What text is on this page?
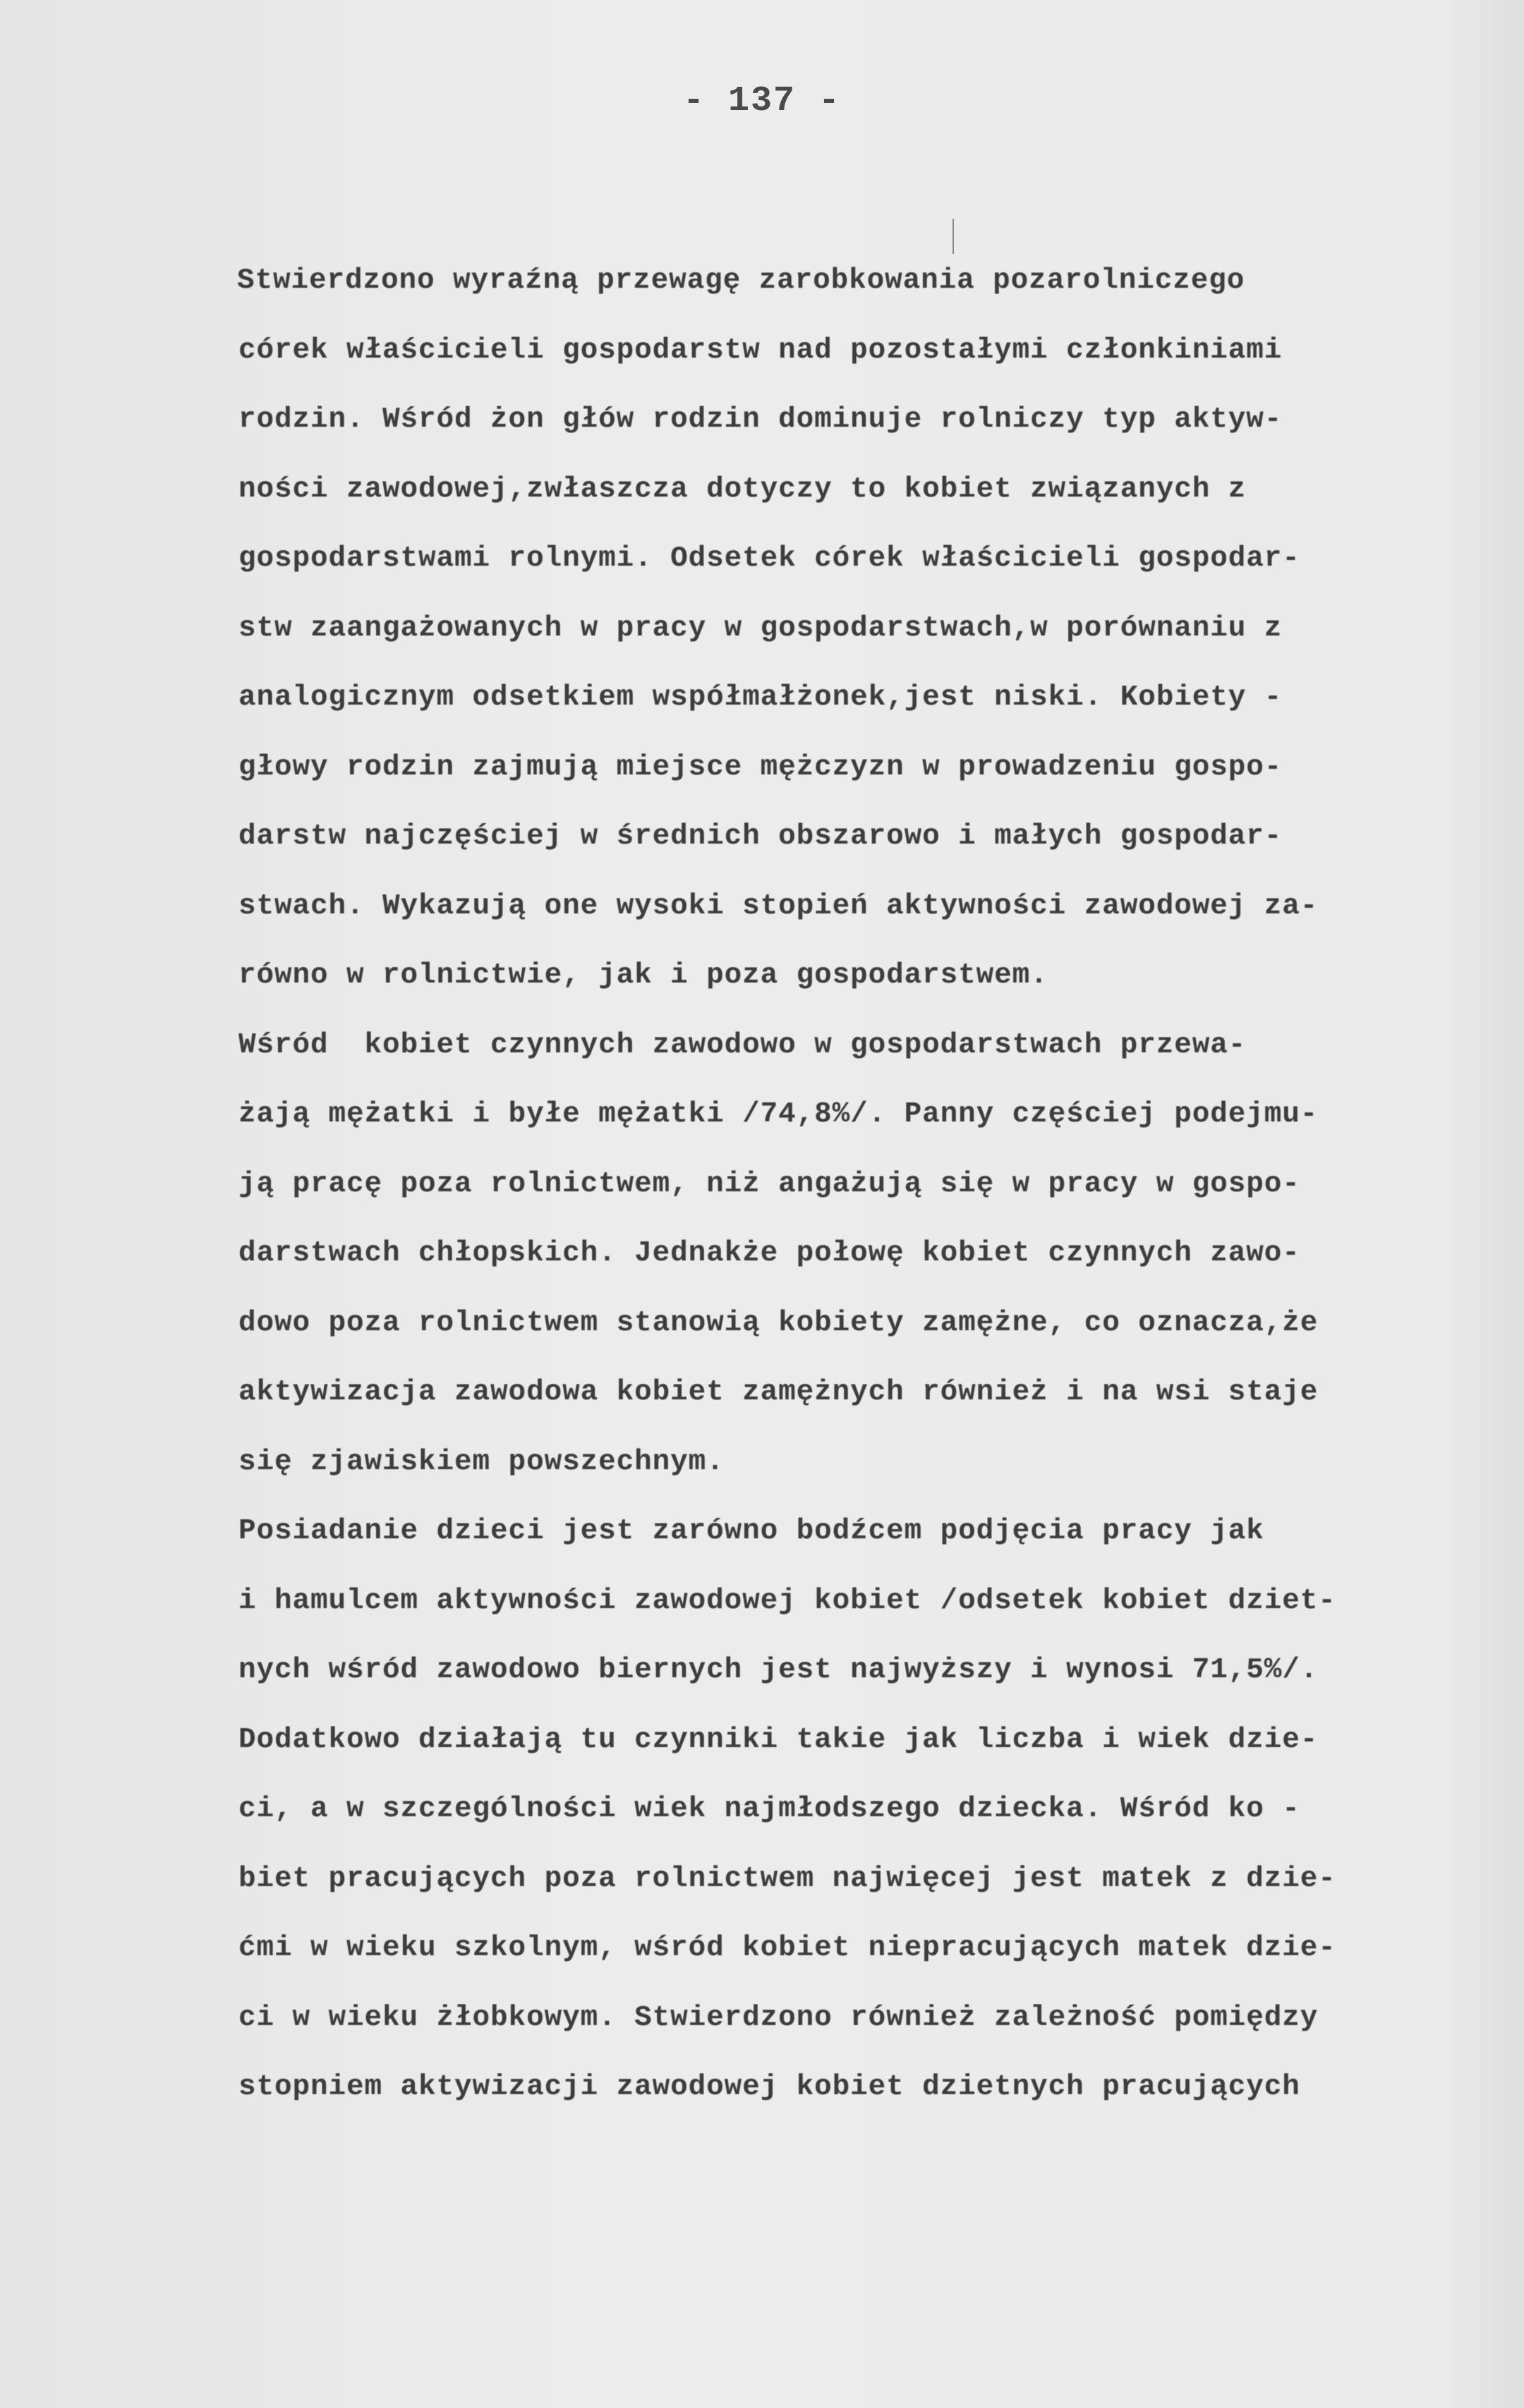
- 137 -
Stwierdzono wyraźną przewagę zarobkowania pozarolniczego
córek właścicieli gospodarstw nad pozostałymi członkiniami
rodzin. Wśród żon głów rodzin dominuje rolniczy typ aktyw-
ności zawodowej,zwłaszcza dotyczy to kobiet związanych z
gospodarstwami rolnymi. Odsetek córek właścicieli gospodar-
stw zaangażowanych w pracy w gospodarstwach,w porównaniu z
analogicznym odsetkiem współmałżonek,jest niski. Kobiety -
głowy rodzin zajmują miejsce mężczyzn w prowadzeniu gospo-
darstw najczęściej w średnich obszarowo i małych gospodar-
stwach. Wykazują one wysoki stopień aktywności zawodowej za-
równo w rolnictwie, jak i poza gospodarstwem.
Wśród  kobiet czynnych zawodowo w gospodarstwach przewa-
żają mężatki i byłe mężatki /74,8%/. Panny częściej podejmu-
ją pracę poza rolnictwem, niż angażują się w pracy w gospo-
darstwach chłopskich. Jednakże połowę kobiet czynnych zawo-
dowo poza rolnictwem stanowią kobiety zamężne, co oznacza,że
aktywizacja zawodowa kobiet zamężnych również i na wsi staje
się zjawiskiem powszechnym.
Posiadanie dzieci jest zarówno bodźcem podjęcia pracy jak
i hamulcem aktywności zawodowej kobiet /odsetek kobiet dziet-
nych wśród zawodowo biernych jest najwyższy i wynosi 71,5%/.
Dodatkowo działają tu czynniki takie jak liczba i wiek dzie-
ci, a w szczególności wiek najmłodszego dziecka. Wśród ko -
biet pracujących poza rolnictwem najwięcej jest matek z dzie-
ćmi w wieku szkolnym, wśród kobiet niepracujących matek dzie-
ci w wieku żłobkowym. Stwierdzono również zależność pomiędzy
stopniem aktywizacji zawodowej kobiet dzietnych pracujących
